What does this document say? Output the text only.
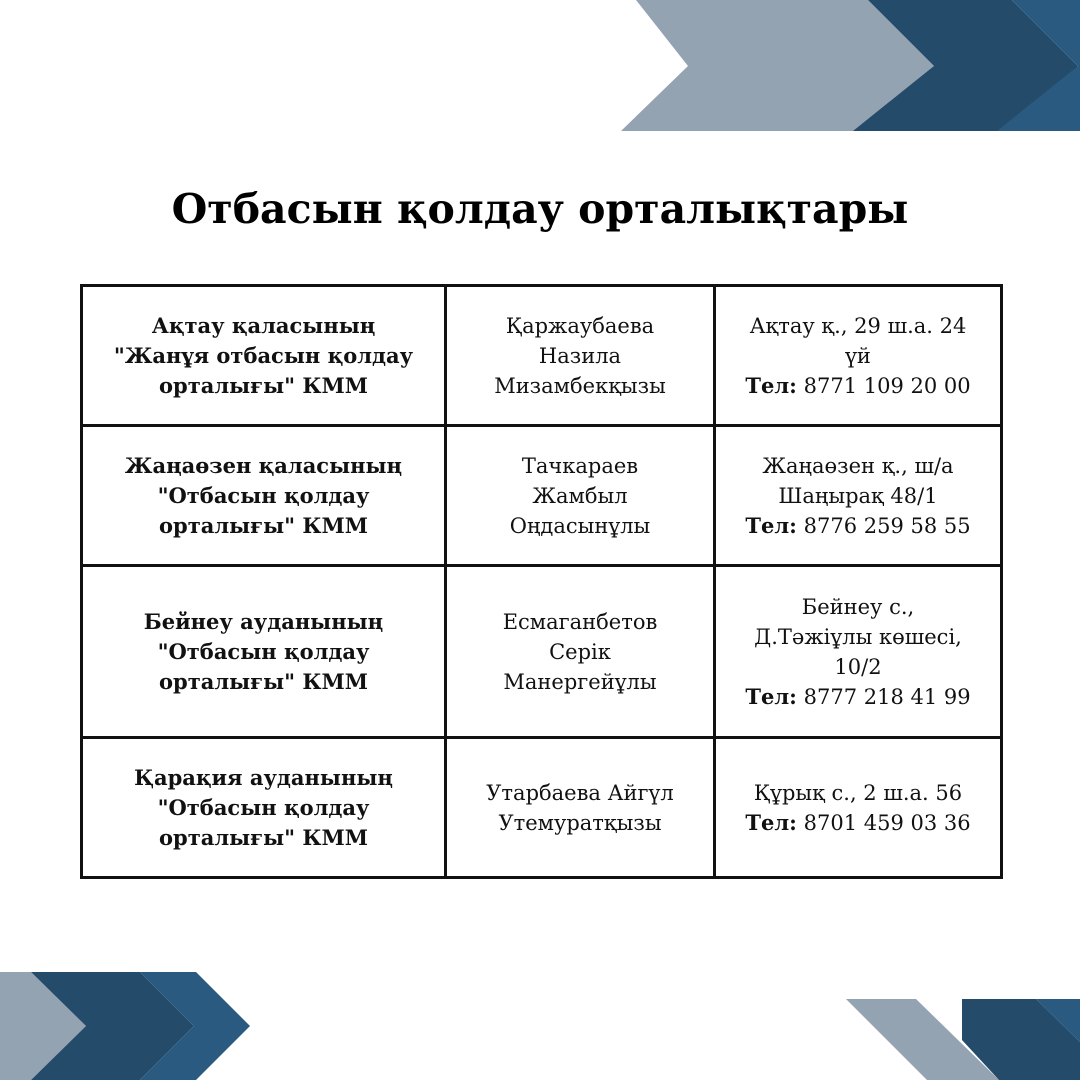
Отбасын қолдау орталықтары
Ақтау қаласының
"Жанұя отбасын қолдау
орталығы" КММ	Қаржаубаева
Назила
Мизамбекқызы	Ақтау қ., 29 ш.а. 24
үй
Тел: 8771 109 20 00

Жаңаөзен қаласының
"Отбасын қолдау
орталығы" КММ	Тачкараев
Жамбыл
Оңдасынұлы	Жаңаөзен қ., ш/а
Шаңырақ 48/1
Тел: 8776 259 58 55

Бейнеу ауданының
"Отбасын қолдау
орталығы" КММ	Есмаганбетов
Серік
Манергейұлы	Бейнеу с.,
Д.Тәжіұлы көшесі,
10/2
Тел: 8777 218 41 99

Қарақия ауданының
"Отбасын қолдау
орталығы" КММ	Утарбаева Айгүл
Утемуратқызы	Құрық с., 2 ш.а. 56
Тел: 8701 459 03 36
